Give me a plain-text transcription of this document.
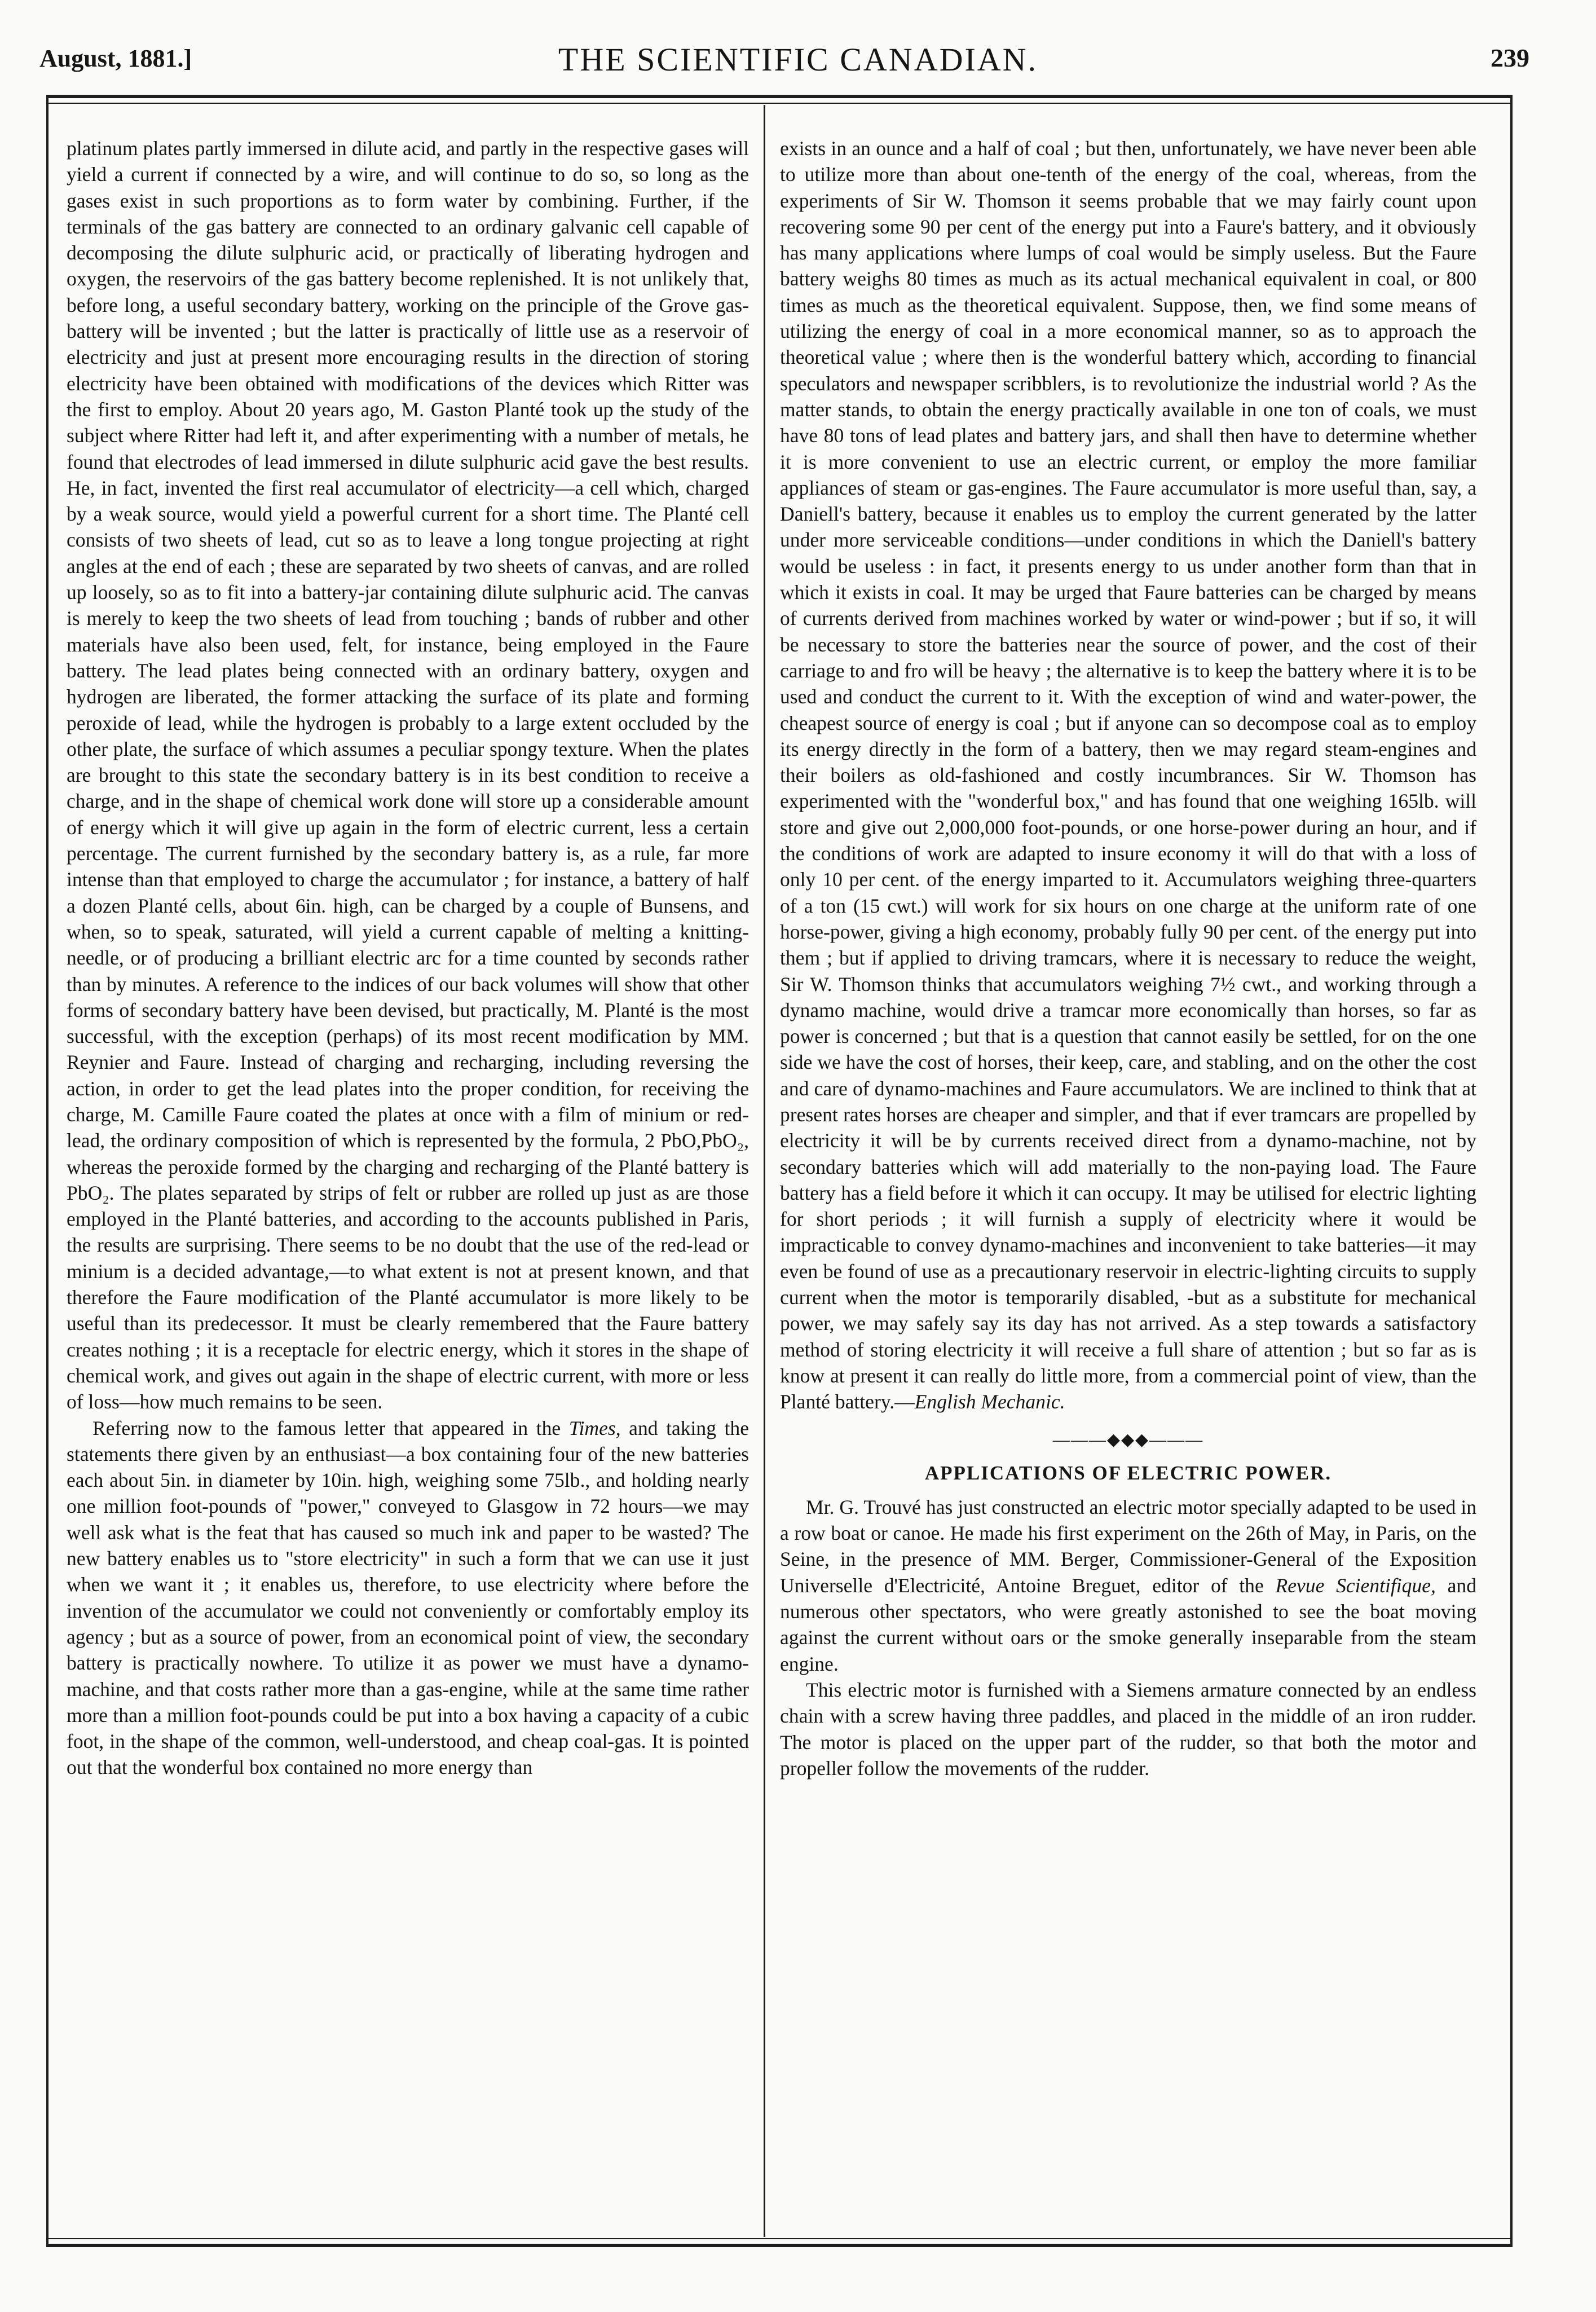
August, 1881.]	THE SCIENTIFIC CANADIAN.	239

platinum plates partly immersed in dilute acid, and partly in the respective gases will yield a current if connected by a wire, and will continue to do so, so long as the gases exist in such proportions as to form water by combining. Further, if the terminals of the gas battery are connected to an ordinary galvanic cell capable of decomposing the dilute sulphuric acid, or practically of liberating hydrogen and oxygen, the reservoirs of the gas battery become replenished. It is not unlikely that, before long, a useful secondary battery, working on the principle of the Grove gas-battery will be invented ; but the latter is practically of little use as a reservoir of electricity and just at present more encouraging results in the direction of storing electricity have been obtained with modifications of the devices which Ritter was the first to employ. About 20 years ago, M. Gaston Planté took up the study of the subject where Ritter had left it, and after experimenting with a number of metals, he found that electrodes of lead immersed in dilute sulphuric acid gave the best results. He, in fact, invented the first real accumulator of electricity—a cell which, charged by a weak source, would yield a powerful current for a short time. The Planté cell consists of two sheets of lead, cut so as to leave a long tongue projecting at right angles at the end of each ; these are separated by two sheets of canvas, and are rolled up loosely, so as to fit into a battery-jar containing dilute sulphuric acid. The canvas is merely to keep the two sheets of lead from touching ; bands of rubber and other materials have also been used, felt, for instance, being employed in the Faure battery. The lead plates being connected with an ordinary battery, oxygen and hydrogen are liberated, the former attacking the surface of its plate and forming peroxide of lead, while the hydrogen is probably to a large extent occluded by the other plate, the surface of which assumes a peculiar spongy texture. When the plates are brought to this state the secondary battery is in its best condition to receive a charge, and in the shape of chemical work done will store up a considerable amount of energy which it will give up again in the form of electric current, less a certain percentage. The current furnished by the secondary battery is, as a rule, far more intense than that employed to charge the accumulator ; for instance, a battery of half a dozen Planté cells, about 6in. high, can be charged by a couple of Bunsens, and when, so to speak, saturated, will yield a current capable of melting a knitting-needle, or of producing a brilliant electric arc for a time counted by seconds rather than by minutes. A reference to the indices of our back volumes will show that other forms of secondary battery have been devised, but practically, M. Planté is the most successful, with the exception (perhaps) of its most recent modification by MM. Reynier and Faure. Instead of charging and recharging, including reversing the action, in order to get the lead plates into the proper condition, for receiving the charge, M. Camille Faure coated the plates at once with a film of minium or red-lead, the ordinary composition of which is represented by the formula, 2 PbO,PbO₂, whereas the peroxide formed by the charging and recharging of the Planté battery is PbO₂. The plates separated by strips of felt or rubber are rolled up just as are those employed in the Planté batteries, and according to the accounts published in Paris, the results are surprising. There seems to be no doubt that the use of the red-lead or minium is a decided advantage,—to what extent is not at present known, and that therefore the Faure modification of the Planté accumulator is more likely to be useful than its predecessor. It must be clearly remembered that the Faure battery creates nothing ; it is a receptacle for electric energy, which it stores in the shape of chemical work, and gives out again in the shape of electric current, with more or less of loss—how much remains to be seen.

Referring now to the famous letter that appeared in the Times, and taking the statements there given by an enthusiast—a box containing four of the new batteries each about 5in. in diameter by 10in. high, weighing some 75lb., and holding nearly one million foot-pounds of "power," conveyed to Glasgow in 72 hours—we may well ask what is the feat that has caused so much ink and paper to be wasted? The new battery enables us to "store electricity" in such a form that we can use it just when we want it ; it enables us, therefore, to use electricity where before the invention of the accumulator we could not conveniently or comfortably employ its agency ; but as a source of power, from an economical point of view, the secondary battery is practically nowhere. To utilize it as power we must have a dynamo-machine, and that costs rather more than a gas-engine, while at the same time rather more than a million foot-pounds could be put into a box having a capacity of a cubic foot, in the shape of the common, well-understood, and cheap coal-gas. It is pointed out that the wonderful box contained no more energy than

exists in an ounce and a half of coal ; but then, unfortunately, we have never been able to utilize more than about one-tenth of the energy of the coal, whereas, from the experiments of Sir W. Thomson it seems probable that we may fairly count upon recovering some 90 per cent of the energy put into a Faure's battery, and it obviously has many applications where lumps of coal would be simply useless. But the Faure battery weighs 80 times as much as its actual mechanical equivalent in coal, or 800 times as much as the theoretical equivalent. Suppose, then, we find some means of utilizing the energy of coal in a more economical manner, so as to approach the theoretical value ; where then is the wonderful battery which, according to financial speculators and newspaper scribblers, is to revolutionize the industrial world ? As the matter stands, to obtain the energy practically available in one ton of coals, we must have 80 tons of lead plates and battery jars, and shall then have to determine whether it is more convenient to use an electric current, or employ the more familiar appliances of steam or gas-engines. The Faure accumulator is more useful than, say, a Daniell's battery, because it enables us to employ the current generated by the latter under more serviceable conditions—under conditions in which the Daniell's battery would be useless : in fact, it presents energy to us under another form than that in which it exists in coal. It may be urged that Faure batteries can be charged by means of currents derived from machines worked by water or wind-power ; but if so, it will be necessary to store the batteries near the source of power, and the cost of their carriage to and fro will be heavy ; the alternative is to keep the battery where it is to be used and conduct the current to it. With the exception of wind and water-power, the cheapest source of energy is coal ; but if anyone can so decompose coal as to employ its energy directly in the form of a battery, then we may regard steam-engines and their boilers as old-fashioned and costly incumbrances. Sir W. Thomson has experimented with the "wonderful box," and has found that one weighing 165lb. will store and give out 2,000,000 foot-pounds, or one horse-power during an hour, and if the conditions of work are adapted to insure economy it will do that with a loss of only 10 per cent. of the energy imparted to it. Accumulators weighing three-quarters of a ton (15 cwt.) will work for six hours on one charge at the uniform rate of one horse-power, giving a high economy, probably fully 90 per cent. of the energy put into them ; but if applied to driving tramcars, where it is necessary to reduce the weight, Sir W. Thomson thinks that accumulators weighing 7½ cwt., and working through a dynamo machine, would drive a tramcar more economically than horses, so far as power is concerned ; but that is a question that cannot easily be settled, for on the one side we have the cost of horses, their keep, care, and stabling, and on the other the cost and care of dynamo-machines and Faure accumulators. We are inclined to think that at present rates horses are cheaper and simpler, and that if ever tramcars are propelled by electricity it will be by currents received direct from a dynamo-machine, not by secondary batteries which will add materially to the non-paying load. The Faure battery has a field before it which it can occupy. It may be utilised for electric lighting for short periods ; it will furnish a supply of electricity where it would be impracticable to convey dynamo-machines and inconvenient to take batteries—it may even be found of use as a precautionary reservoir in electric-lighting circuits to supply current when the motor is temporarily disabled, -but as a substitute for mechanical power, we may safely say its day has not arrived. As a step towards a satisfactory method of storing electricity it will receive a full share of attention ; but so far as is know at present it can really do little more, from a commercial point of view, than the Planté battery.—English Mechanic.

———◆◆◆———
APPLICATIONS OF ELECTRIC POWER.

Mr. G. Trouvé has just constructed an electric motor specially adapted to be used in a row boat or canoe. He made his first experiment on the 26th of May, in Paris, on the Seine, in the presence of MM. Berger, Commissioner-General of the Exposition Universelle d'Electricité, Antoine Breguet, editor of the Revue Scientifique, and numerous other spectators, who were greatly astonished to see the boat moving against the current without oars or the smoke generally inseparable from the steam engine.

This electric motor is furnished with a Siemens armature connected by an endless chain with a screw having three paddles, and placed in the middle of an iron rudder. The motor is placed on the upper part of the rudder, so that both the motor and propeller follow the movements of the rudder.
